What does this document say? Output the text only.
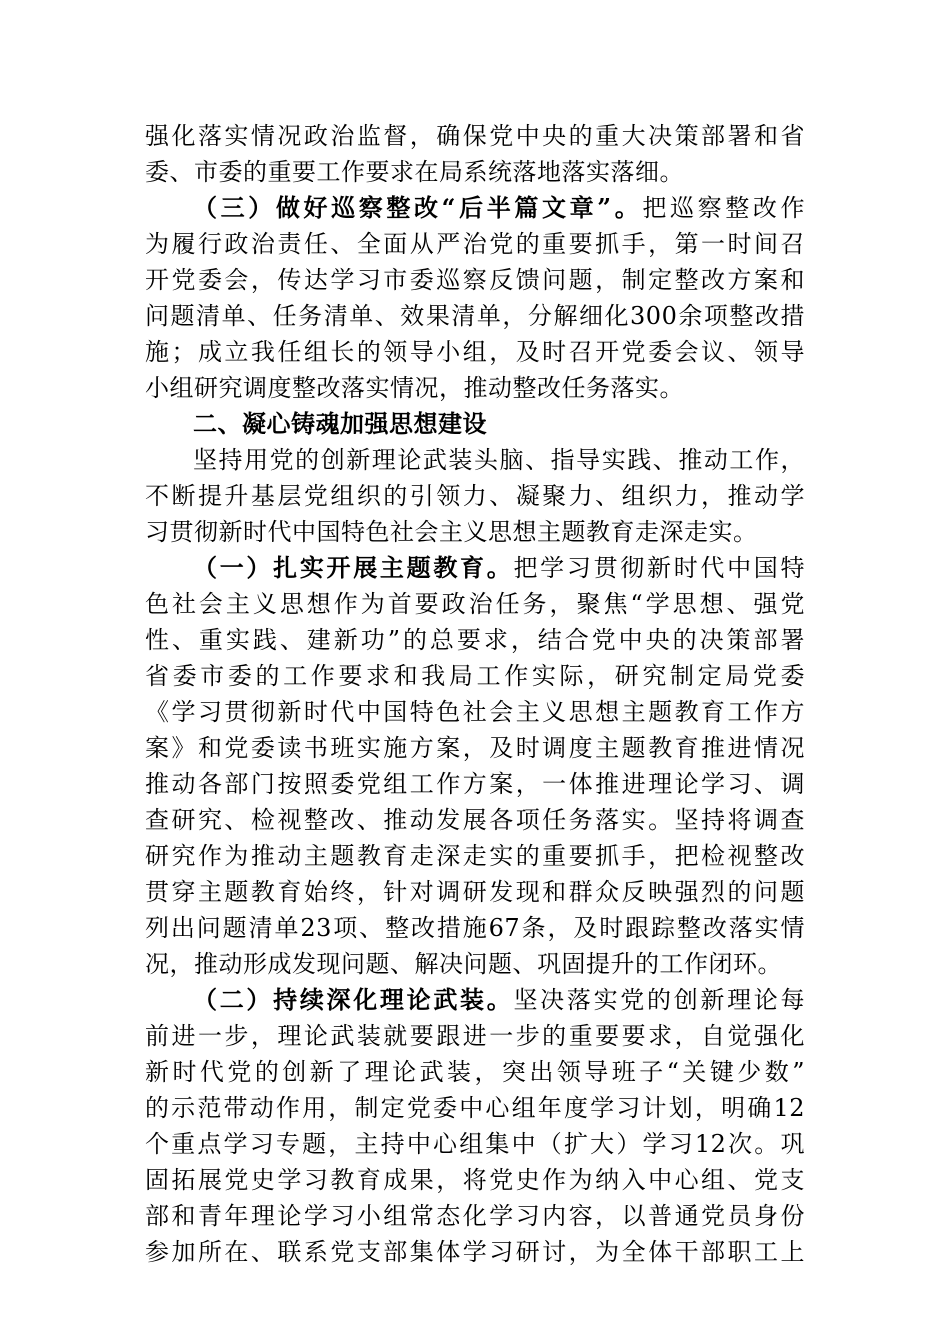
强化落实情况政治监督，确保党中央的重大决策部署和省
委、市委的重要工作要求在局系统落地落实落细。
（三）做好巡察整改“后半篇文章”。把巡察整改作
为履行政治责任、全面从严治党的重要抓手，第一时间召
开党委会，传达学习市委巡察反馈问题，制定整改方案和
问题清单、任务清单、效果清单，分解细化300余项整改措
施；成立我任组长的领导小组，及时召开党委会议、领导
小组研究调度整改落实情况，推动整改任务落实。
二、凝心铸魂加强思想建设
坚持用党的创新理论武装头脑、指导实践、推动工作，
不断提升基层党组织的引领力、凝聚力、组织力，推动学
习贯彻新时代中国特色社会主义思想主题教育走深走实。
（一）扎实开展主题教育。把学习贯彻新时代中国特
色社会主义思想作为首要政治任务，聚焦“学思想、强党
性、重实践、建新功”的总要求，结合党中央的决策部署
省委市委的工作要求和我局工作实际，研究制定局党委
《学习贯彻新时代中国特色社会主义思想主题教育工作方
案》和党委读书班实施方案，及时调度主题教育推进情况
推动各部门按照委党组工作方案，一体推进理论学习、调
查研究、检视整改、推动发展各项任务落实。坚持将调查
研究作为推动主题教育走深走实的重要抓手，把检视整改
贯穿主题教育始终，针对调研发现和群众反映强烈的问题
列出问题清单23项、整改措施67条，及时跟踪整改落实情
况，推动形成发现问题、解决问题、巩固提升的工作闭环。
（二）持续深化理论武装。坚决落实党的创新理论每
前进一步，理论武装就要跟进一步的重要要求，自觉强化
新时代党的创新了理论武装，突出领导班子“关键少数”
的示范带动作用，制定党委中心组年度学习计划，明确12
个重点学习专题，主持中心组集中（扩大）学习12次。巩
固拓展党史学习教育成果，将党史作为纳入中心组、党支
部和青年理论学习小组常态化学习内容，以普通党员身份
参加所在、联系党支部集体学习研讨，为全体干部职工上
